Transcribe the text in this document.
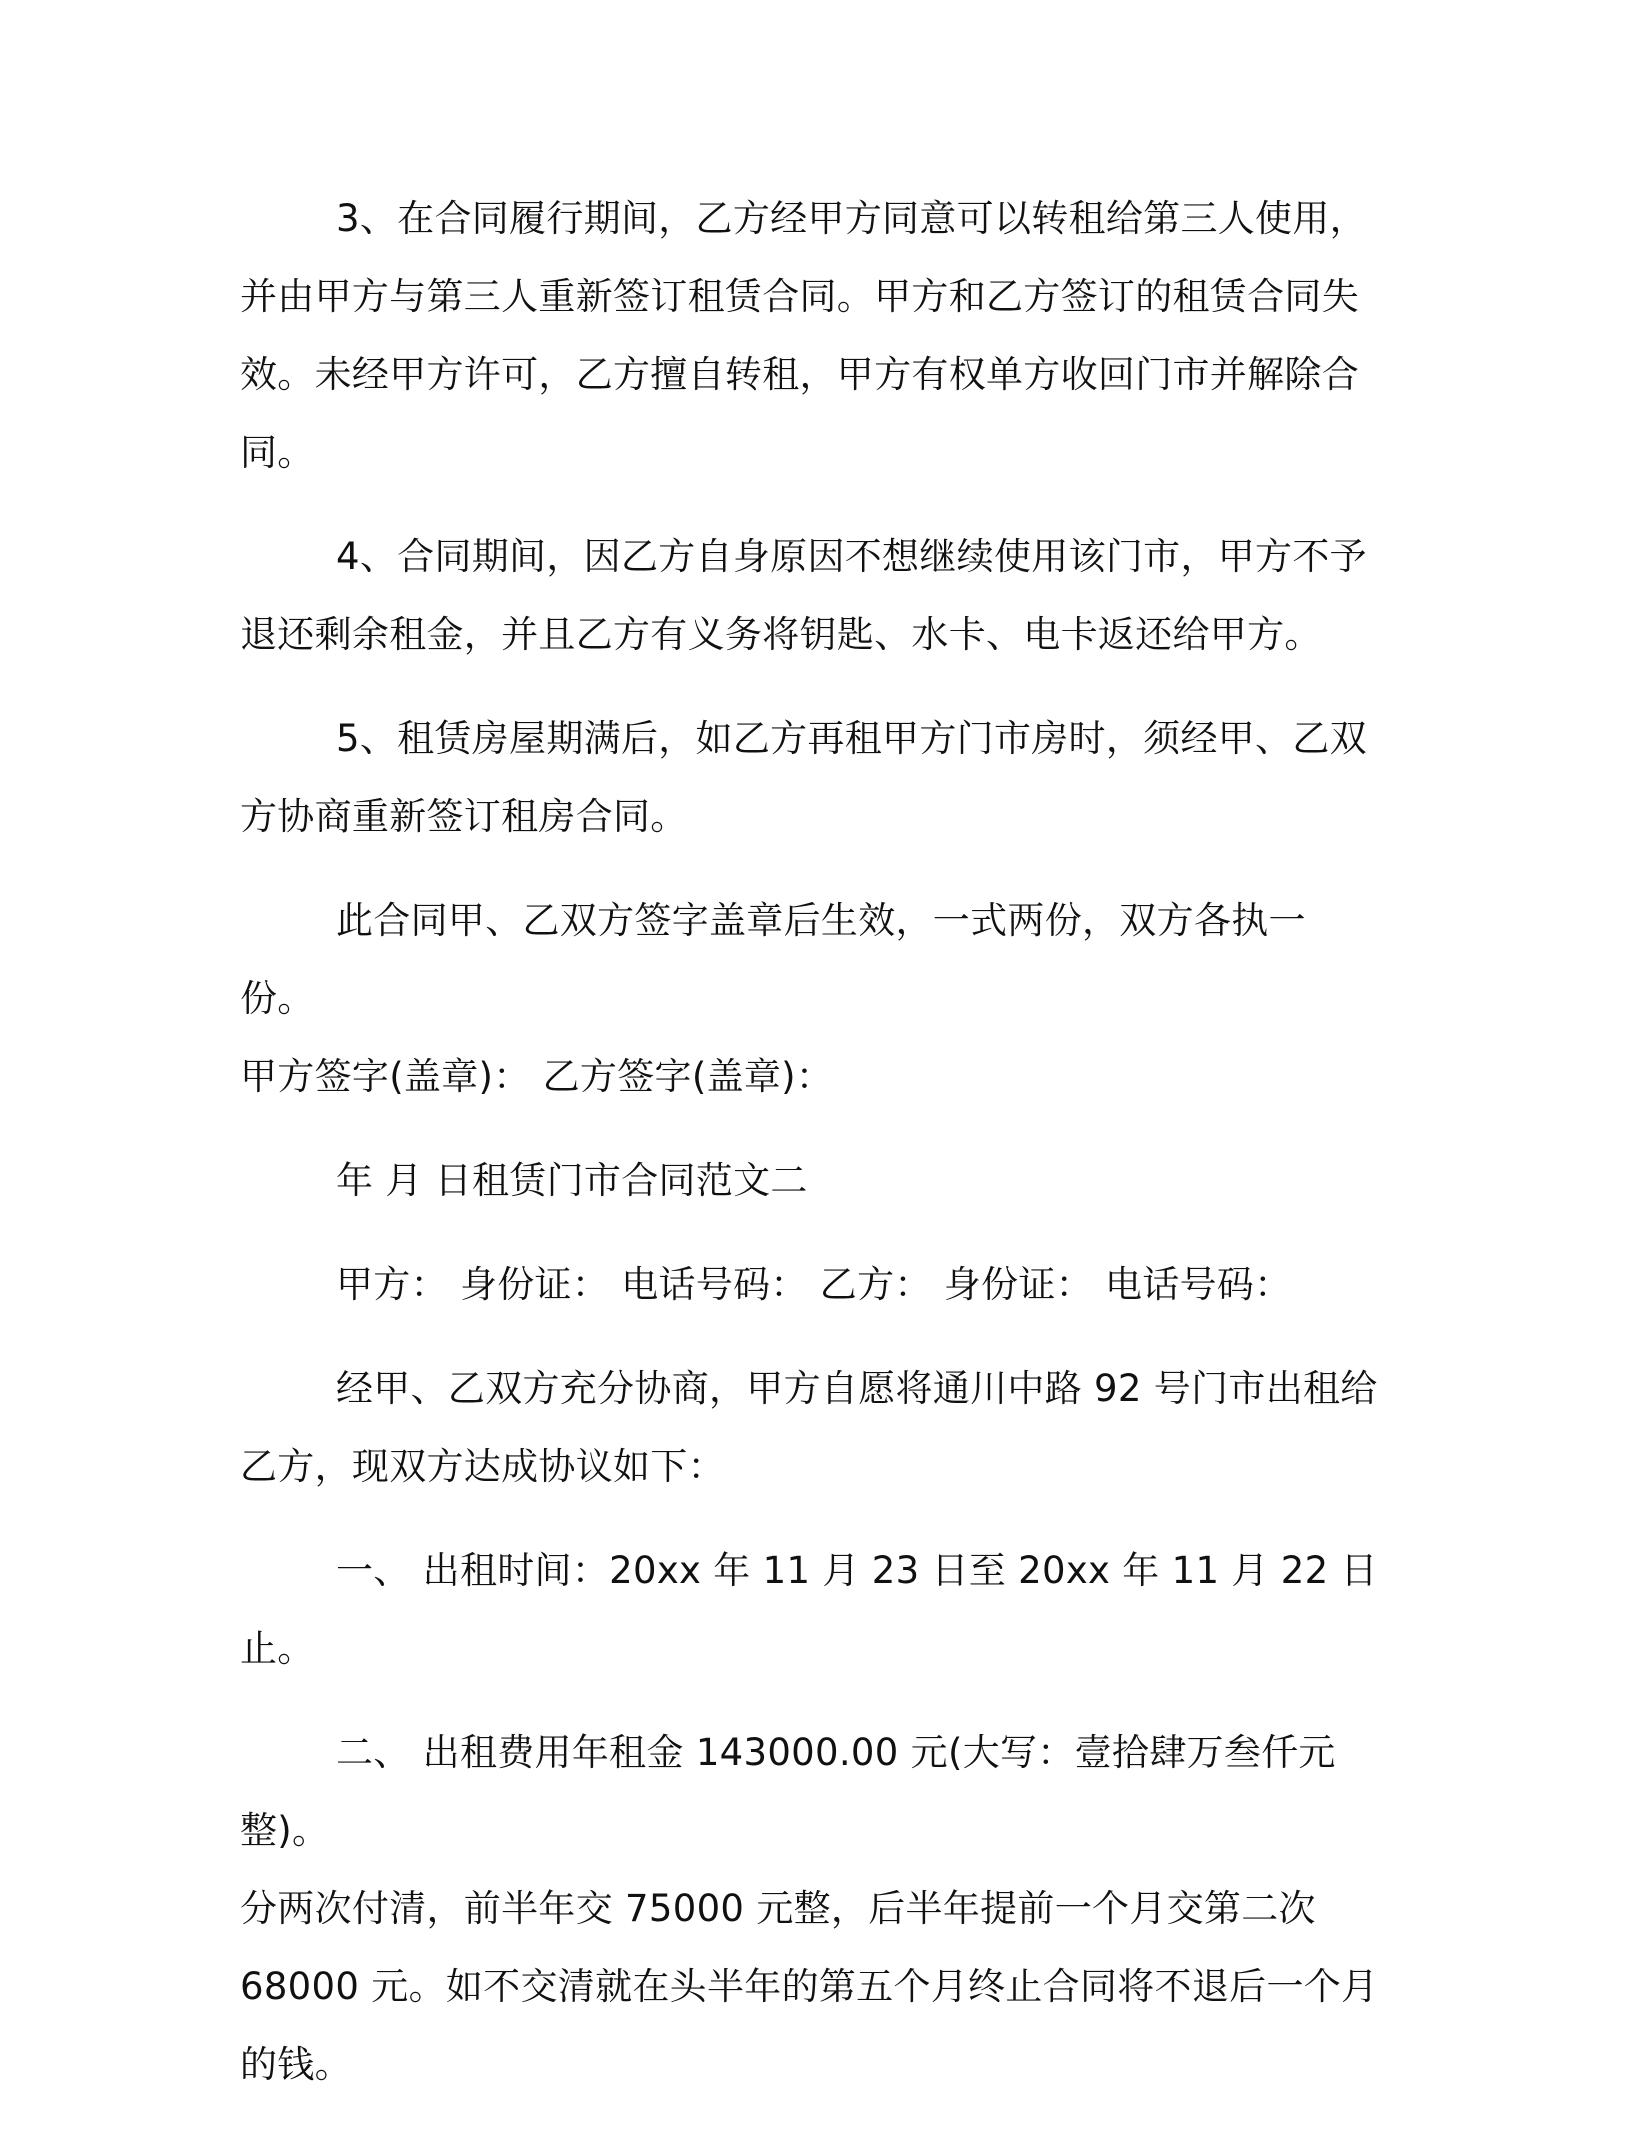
3、在合同履行期间，乙方经甲方同意可以转租给第三人使用，
并由甲方与第三人重新签订租赁合同。甲方和乙方签订的租赁合同失
效。未经甲方许可，乙方擅自转租，甲方有权单方收回门市并解除合
同。
4、合同期间，因乙方自身原因不想继续使用该门市，甲方不予
退还剩余租金，并且乙方有义务将钥匙、水卡、电卡返还给甲方。
5、租赁房屋期满后，如乙方再租甲方门市房时，须经甲、乙双
方协商重新签订租房合同。
此合同甲、乙双方签字盖章后生效，一式两份，双方各执一份。
甲方签字(盖章)： 乙方签字(盖章)：
年 月 日租赁门市合同范文二
甲方： 身份证： 电话号码： 乙方： 身份证： 电话号码：
经甲、乙双方充分协商，甲方自愿将通川中路 92 号门市出租给
乙方，现双方达成协议如下：
一、 出租时间：20xx 年 11 月 23 日至 20xx 年 11 月 22 日止。
二、 出租费用年租金 143000.00 元(大写：壹拾肆万叁仟元整)。
分两次付清，前半年交 75000 元整，后半年提前一个月交第二次
68000 元。如不交清就在头半年的第五个月终止合同将不退后一个月
的钱。
